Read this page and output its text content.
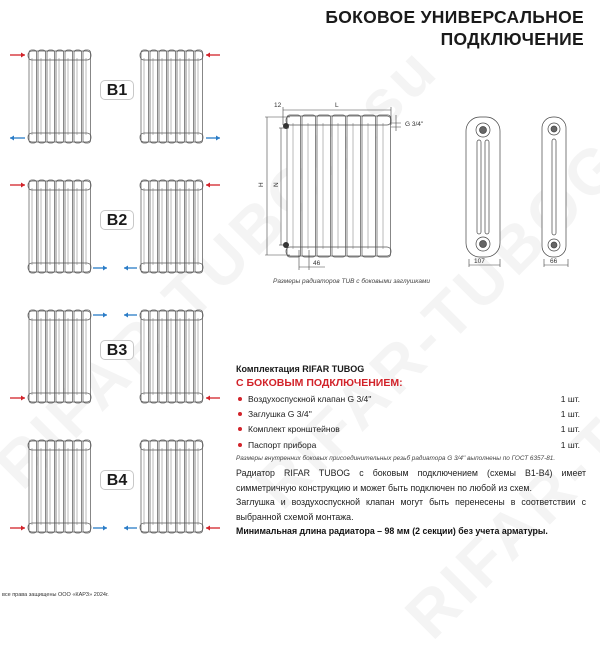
БОКОВОЕ УНИВЕРСАЛЬНОЕ
ПОДКЛЮЧЕНИЕ
B1
B2
B3
B4
L
12
H N
46
G 3/4''
107	66
Размеры радиаторов TUB с боковыми заглушками
Комплектация RIFAR TUBOG
С БОКОВЫМ ПОДКЛЮЧЕНИЕМ:
Воздухоспускной клапан G 3/4''	1 шт.
Заглушка G 3/4''	1 шт.
Комплект кронштейнов	1 шт.
Паспорт прибора	1 шт.
Размеры внутренних боковых присоединительных резьб радиатора G 3/4'' выполнены по ГОСТ 6357-81.
Радиатор RIFAR TUBOG с боковым подключением (схемы B1-B4) имеет симметричную конструкцию и может быть подключен по любой из схем.
Заглушка и воздухоспускной клапан могут быть перенесены в соответствии с выбранной схемой монтажа.
Минимальная длина радиатора – 98 мм (2 секции) без учета арматуры.
все права защищены ООО «КАРЗ» 2024г.
